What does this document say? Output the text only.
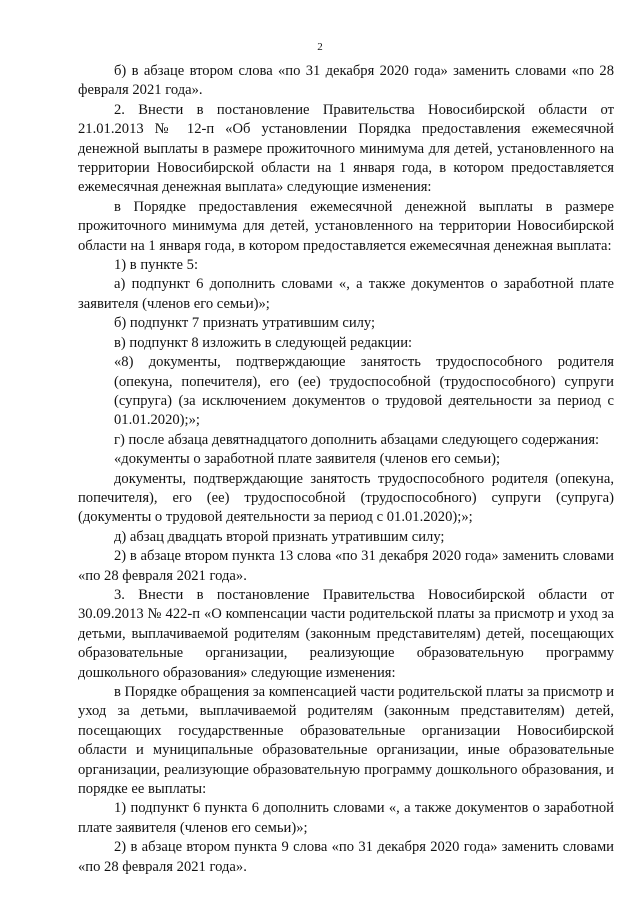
2

б) в абзаце втором слова «по 31 декабря 2020 года» заменить словами «по 28 февраля 2021 года».

2. Внести в постановление Правительства Новосибирской области от 21.01.2013 № 12-п «Об установлении Порядка предоставления ежемесячной денежной выплаты в размере прожиточного минимума для детей, установленного на территории Новосибирской области на 1 января года, в котором предоставляется ежемесячная денежная выплата» следующие изменения:

в Порядке предоставления ежемесячной денежной выплаты в размере прожиточного минимума для детей, установленного на территории Новосибирской области на 1 января года, в котором предоставляется ежемесячная денежная выплата:

1) в пункте 5:

а) подпункт 6 дополнить словами «, а также документов о заработной плате заявителя (членов его семьи)»;

б) подпункт 7 признать утратившим силу;

в) подпункт 8 изложить в следующей редакции:

«8) документы, подтверждающие занятость трудоспособного родителя (опекуна, попечителя), его (ее) трудоспособной (трудоспособного) супруги (супруга) (за исключением документов о трудовой деятельности за период с 01.01.2020);»;

г) после абзаца девятнадцатого дополнить абзацами следующего содержания:

«документы о заработной плате заявителя (членов его семьи);

документы, подтверждающие занятость трудоспособного родителя (опекуна, попечителя), его (ее) трудоспособной (трудоспособного) супруги (супруга) (документы о трудовой деятельности за период с 01.01.2020);»;

д) абзац двадцать второй признать утратившим силу;

2) в абзаце втором пункта 13 слова «по 31 декабря 2020 года» заменить словами «по 28 февраля 2021 года».

3. Внести в постановление Правительства Новосибирской области от 30.09.2013 № 422-п «О компенсации части родительской платы за присмотр и уход за детьми, выплачиваемой родителям (законным представителям) детей, посещающих образовательные организации, реализующие образовательную программу дошкольного образования» следующие изменения:

в Порядке обращения за компенсацией части родительской платы за присмотр и уход за детьми, выплачиваемой родителям (законным представителям) детей, посещающих государственные образовательные организации Новосибирской области и муниципальные образовательные организации, иные образовательные организации, реализующие образовательную программу дошкольного образования, и порядке ее выплаты:

1) подпункт 6 пункта 6 дополнить словами «, а также документов о заработной плате заявителя (членов его семьи)»;

2) в абзаце втором пункта 9 слова «по 31 декабря 2020 года» заменить словами «по 28 февраля 2021 года».
